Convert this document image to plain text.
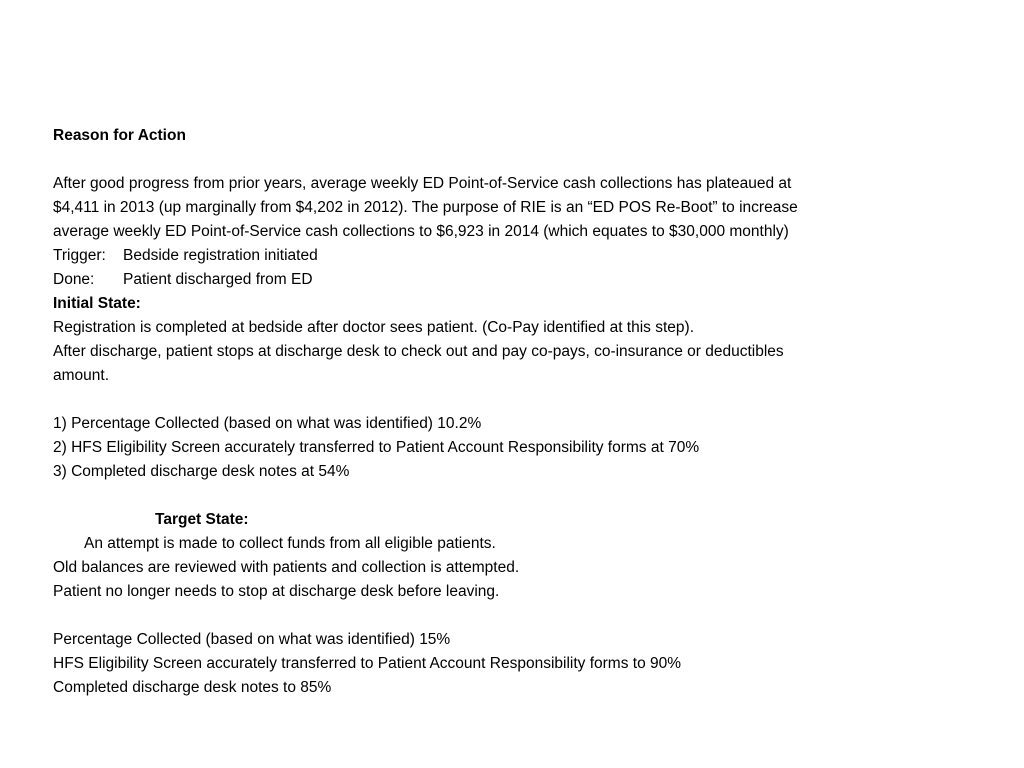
Reason for Action
After good progress from prior years, average weekly ED Point-of-Service cash collections has plateaued at
$4,411 in 2013 (up marginally from $4,202 in 2012). The purpose of RIE is an “ED POS Re-Boot” to increase
average weekly ED Point-of-Service cash collections to $6,923 in 2014 (which equates to $30,000 monthly)
Trigger: Bedside registration initiated
Done: Patient discharged from ED
Initial State:
Registration is completed at bedside after doctor sees patient. (Co-Pay identified at this step).
After discharge, patient stops at discharge desk to check out and pay co-pays, co-insurance or deductibles
amount.
1) Percentage Collected (based on what was identified) 10.2%
2) HFS Eligibility Screen accurately transferred to Patient Account Responsibility forms at 70%
3) Completed discharge desk notes at 54%
Target State:
An attempt is made to collect funds from all eligible patients.
Old balances are reviewed with patients and collection is attempted.
Patient no longer needs to stop at discharge desk before leaving.
Percentage Collected (based on what was identified) 15%
HFS Eligibility Screen accurately transferred to Patient Account Responsibility forms to 90%
Completed discharge desk notes to 85%
